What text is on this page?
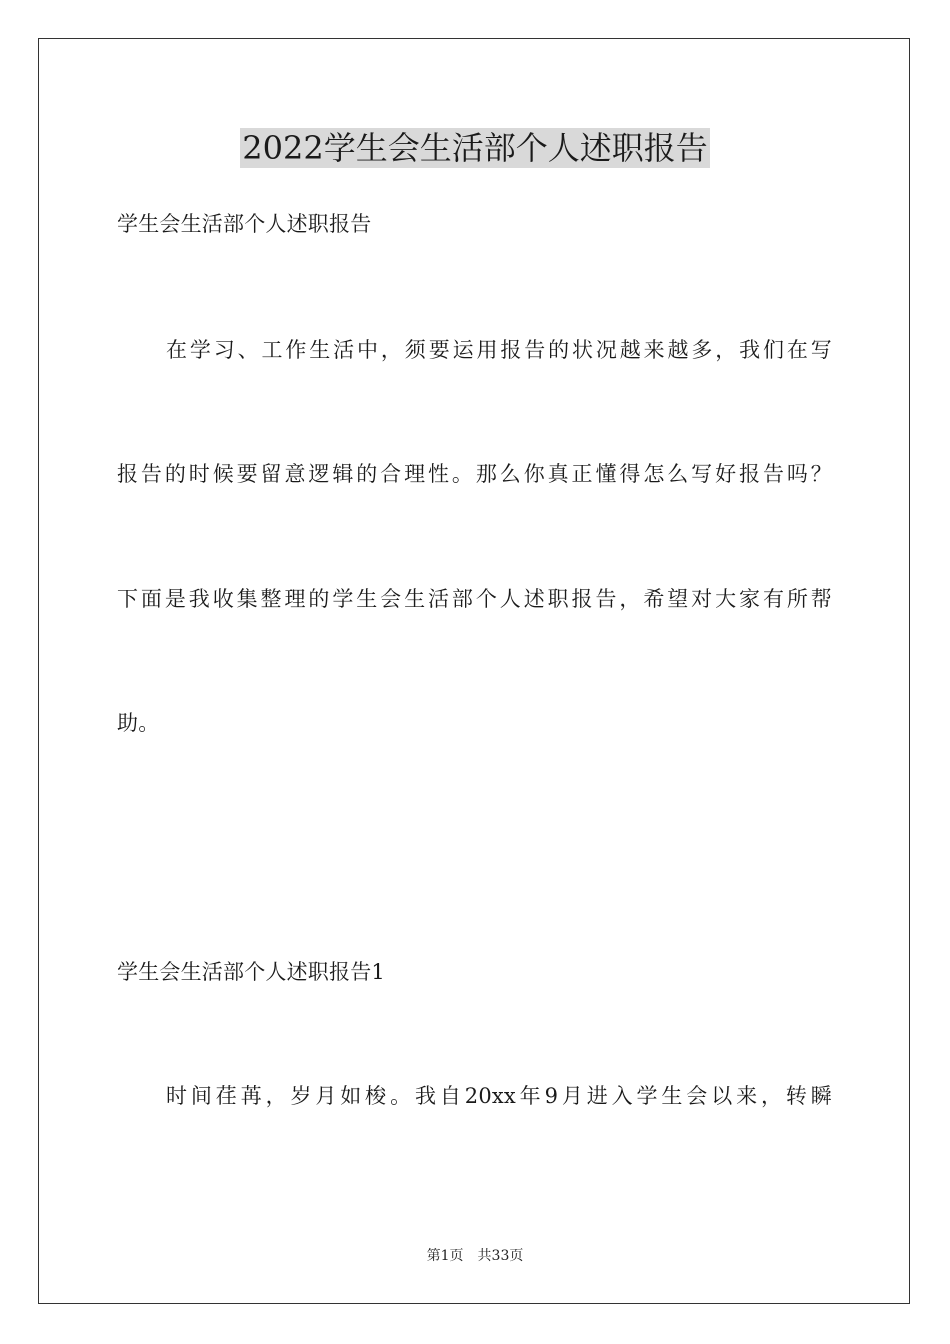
2022学生会生活部个人述职报告
学生会生活部个人述职报告
在学习、工作生活中，须要运用报告的状况越来越多，我们在写
报告的时候要留意逻辑的合理性。那么你真正懂得怎么写好报告吗？
下面是我收集整理的学生会生活部个人述职报告，希望对大家有所帮
助。
学生会生活部个人述职报告1
时间荏苒，岁月如梭。我自20xx年9月进入学生会以来，转瞬
第1页 共33页
